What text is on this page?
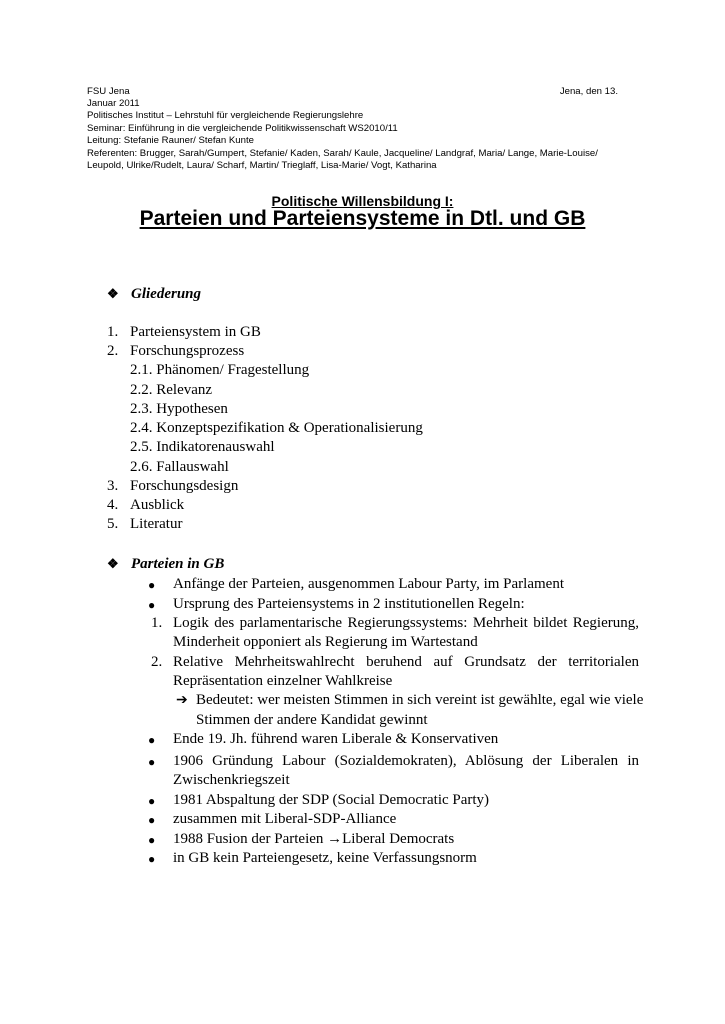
FSU Jena	Jena, den 13.
Januar 2011
Politisches Institut – Lehrstuhl für vergleichende Regierungslehre
Seminar: Einführung in die vergleichende Politikwissenschaft WS2010/11
Leitung: Stefanie Rauner/ Stefan Kunte
Referenten: Brugger, Sarah/Gumpert, Stefanie/ Kaden, Sarah/ Kaule, Jacqueline/ Landgraf, Maria/ Lange, Marie-Louise/
Leupold, Ulrike/Rudelt, Laura/ Scharf, Martin/ Trieglaff, Lisa-Marie/ Vogt, Katharina
Politische Willensbildung I:
Parteien und Parteiensysteme in Dtl. und GB
❖ Gliederung
1. Parteiensystem in GB
2. Forschungsprozess
2.1. Phänomen/ Fragestellung
2.2. Relevanz
2.3. Hypothesen
2.4. Konzeptspezifikation & Operationalisierung
2.5. Indikatorenauswahl
2.6. Fallauswahl
3. Forschungsdesign
4. Ausblick
5. Literatur
❖ Parteien in GB
● Anfänge der Parteien, ausgenommen Labour Party, im Parlament
● Ursprung des Parteiensystems in 2 institutionellen Regeln:
1. Logik des parlamentarische Regierungssystems: Mehrheit bildet Regierung,
Minderheit opponiert als Regierung im Wartestand
2. Relative Mehrheitswahlrecht beruhend auf Grundsatz der territorialen
Repräsentation einzelner Wahlkreise
➔ Bedeutet: wer meisten Stimmen in sich vereint ist gewählte, egal wie viele
Stimmen der andere Kandidat gewinnt
● Ende 19. Jh. führend waren Liberale & Konservativen
● 1906 Gründung Labour (Sozialdemokraten), Ablösung der Liberalen in
Zwischenkriegszeit
● 1981 Abspaltung der SDP (Social Democratic Party)
● zusammen mit Liberal-SDP-Alliance
● 1988 Fusion der Parteien →Liberal Democrats
● in GB kein Parteiengesetz, keine Verfassungsnorm
